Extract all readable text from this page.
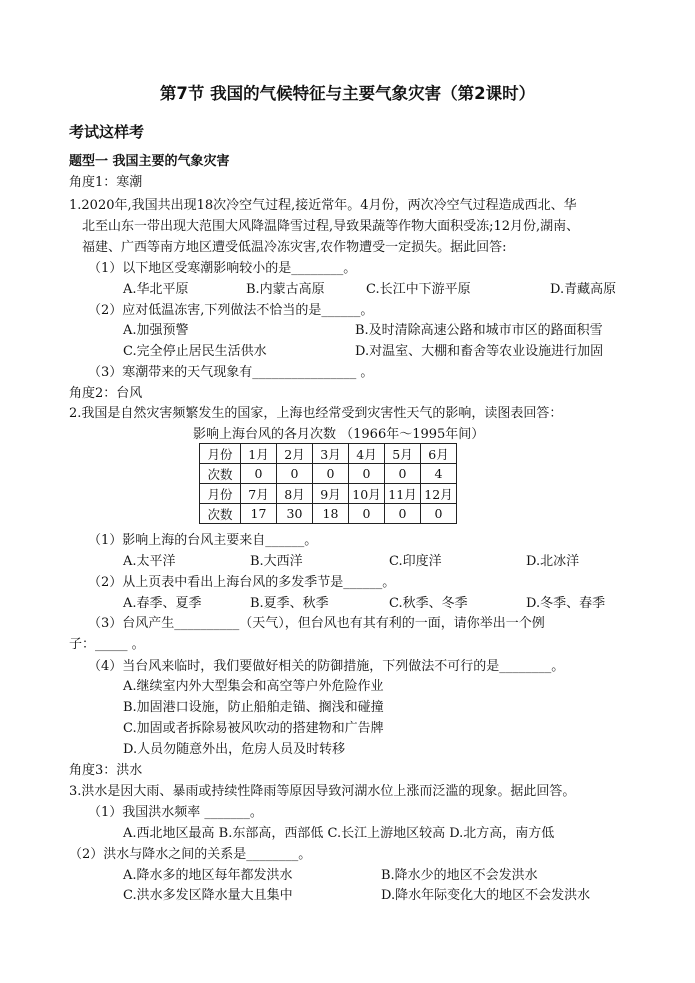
第7节 我国的气候特征与主要气象灾害（第2课时）
考试这样考
题型一 我国主要的气象灾害
角度1：寒潮
1.2020年,我国共出现18次冷空气过程,接近常年。4月份，两次冷空气过程造成西北、华
北至山东一带出现大范围大风降温降雪过程,导致果蔬等作物大面积受冻;12月份,湖南、
福建、广西等南方地区遭受低温冷冻灾害,农作物遭受一定损失。据此回答:
（1）以下地区受寒潮影响较小的是________。
A.华北平原	B.内蒙古高原	C.长江中下游平原	D.青藏高原
（2）应对低温冻害,下列做法不恰当的是______。
A.加强预警	B.及时清除高速公路和城市市区的路面积雪
C.完全停止居民生活供水	D.对温室、大棚和畜舍等农业设施进行加固
（3）寒潮带来的天气现象有________________ 。
角度2：台风
2.我国是自然灾害频繁发生的国家，上海也经常受到灾害性天气的影响，读图表回答：
影响上海台风的各月次数 （1966年～1995年间）
月份	1月	2月	3月	4月	5月	6月
次数	0	0	0	0	0	4
月份	7月	8月	9月	10月	11月	12月
次数	17	30	18	0	0	0
（1）影响上海的台风主要来自______。
A.太平洋	B.大西洋	C.印度洋	D.北冰洋
（2）从上页表中看出上海台风的多发季节是______。
A.春季、夏季	B.夏季、秋季	C.秋季、冬季	D.冬季、春季
（3）台风产生__________（天气），但台风也有其有利的一面，请你举出一个例
子：_____ 。
（4）当台风来临时，我们要做好相关的防御措施，下列做法不可行的是________。
A.继续室内外大型集会和高空等户外危险作业
B.加固港口设施，防止船舶走锚、搁浅和碰撞
C.加固或者拆除易被风吹动的搭建物和广告牌
D.人员勿随意外出，危房人员及时转移
角度3：洪水
3.洪水是因大雨、暴雨或持续性降雨等原因导致河湖水位上涨而泛滥的现象。据此回答。
（1）我国洪水频率 _______。
A.西北地区最高 B.东部高，西部低 C.长江上游地区较高 D.北方高，南方低
（2）洪水与降水之间的关系是________。
A.降水多的地区每年都发洪水	B.降水少的地区不会发洪水
C.洪水多发区降水量大且集中	D.降水年际变化大的地区不会发洪水
